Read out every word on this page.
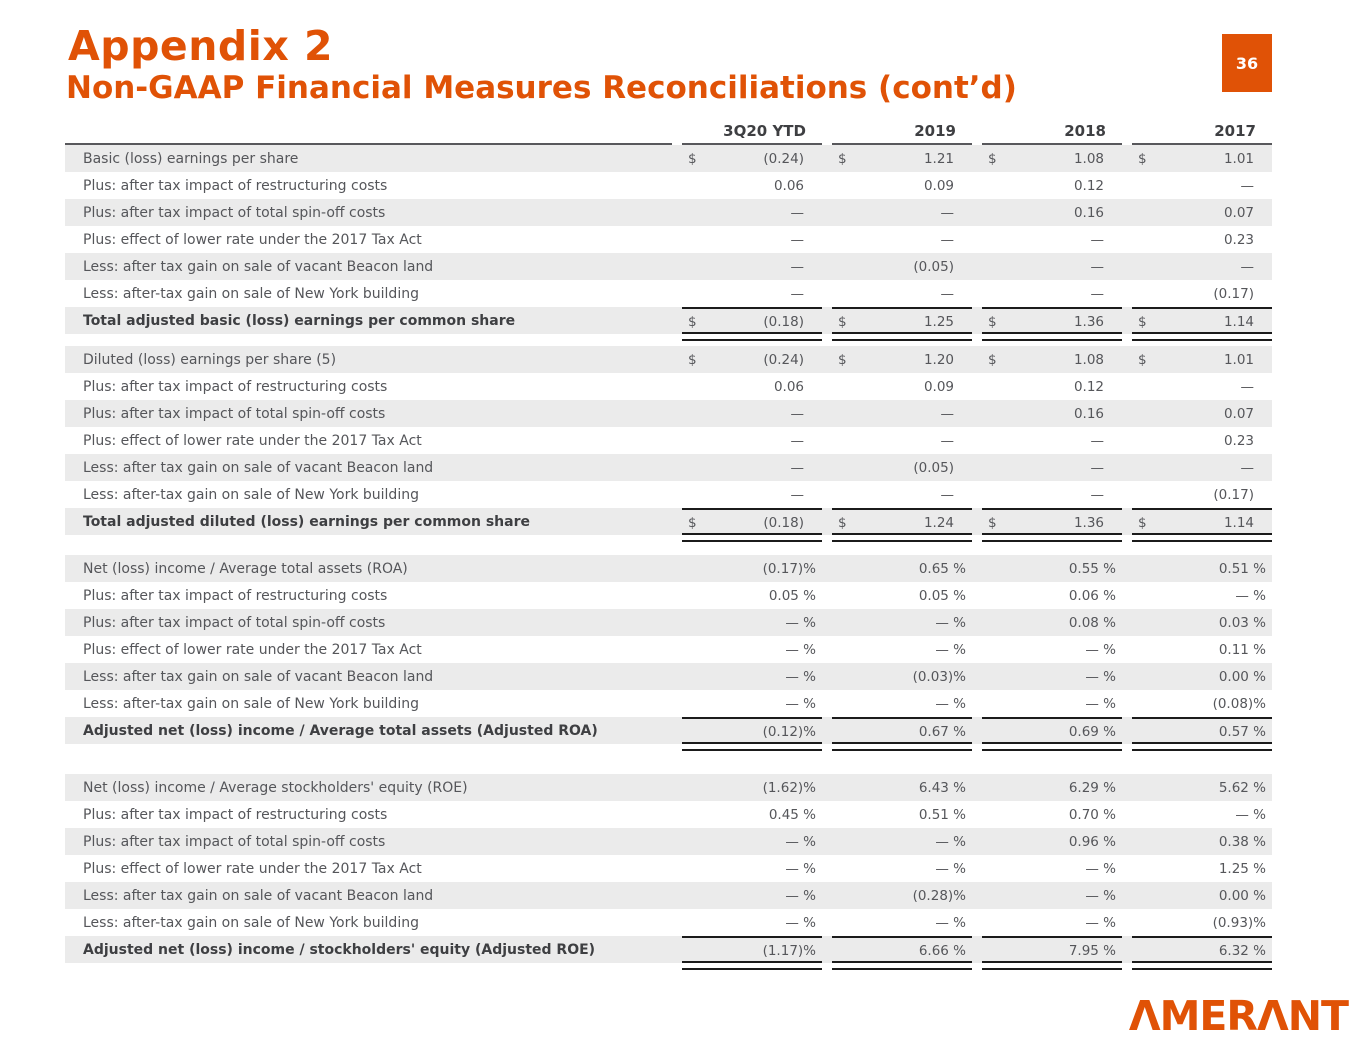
36
Appendix 2
Non-GAAP Financial Measures Reconciliations (cont’d)
3Q20 YTD	2019	2018	2017
Basic (loss) earnings per share	$	(0.24)	$	1.21	$	1.08	$	1.01
Plus: after tax impact of restructuring costs	0.06	0.09	0.12	—
Plus: after tax impact of total spin-off costs	—	—	0.16	0.07
Plus: effect of lower rate under the 2017 Tax Act	—	—	—	0.23
Less: after tax gain on sale of vacant Beacon land	—	(0.05)	—	—
Less: after-tax gain on sale of New York building	—	—	—	(0.17)
Total adjusted basic (loss) earnings per common share	$	(0.18)	$	1.25	$	1.36	$	1.14
Diluted (loss) earnings per share (5)	$	(0.24)	$	1.20	$	1.08	$	1.01
Plus: after tax impact of restructuring costs	0.06	0.09	0.12	—
Plus: after tax impact of total spin-off costs	—	—	0.16	0.07
Plus: effect of lower rate under the 2017 Tax Act	—	—	—	0.23
Less: after tax gain on sale of vacant Beacon land	—	(0.05)	—	—
Less: after-tax gain on sale of New York building	—	—	—	(0.17)
Total adjusted diluted (loss) earnings per common share	$	(0.18)	$	1.24	$	1.36	$	1.14
Net (loss) income / Average total assets (ROA)	(0.17)%	0.65 %	0.55 %	0.51 %
Plus: after tax impact of restructuring costs	0.05 %	0.05 %	0.06 %	— %
Plus: after tax impact of total spin-off costs	— %	— %	0.08 %	0.03 %
Plus: effect of lower rate under the 2017 Tax Act	— %	— %	— %	0.11 %
Less: after tax gain on sale of vacant Beacon land	— %	(0.03)%	— %	0.00 %
Less: after-tax gain on sale of New York building	— %	— %	— %	(0.08)%
Adjusted net (loss) income / Average total assets (Adjusted ROA)	(0.12)%	0.67 %	0.69 %	0.57 %
Net (loss) income / Average stockholders' equity (ROE)	(1.62)%	6.43 %	6.29 %	5.62 %
Plus: after tax impact of restructuring costs	0.45 %	0.51 %	0.70 %	— %
Plus: after tax impact of total spin-off costs	— %	— %	0.96 %	0.38 %
Plus: effect of lower rate under the 2017 Tax Act	— %	— %	— %	1.25 %
Less: after tax gain on sale of vacant Beacon land	— %	(0.28)%	— %	0.00 %
Less: after-tax gain on sale of New York building	— %	— %	— %	(0.93)%
Adjusted net (loss) income / stockholders' equity (Adjusted ROE)	(1.17)%	6.66 %	7.95 %	6.32 %
ΛMERΛNT
